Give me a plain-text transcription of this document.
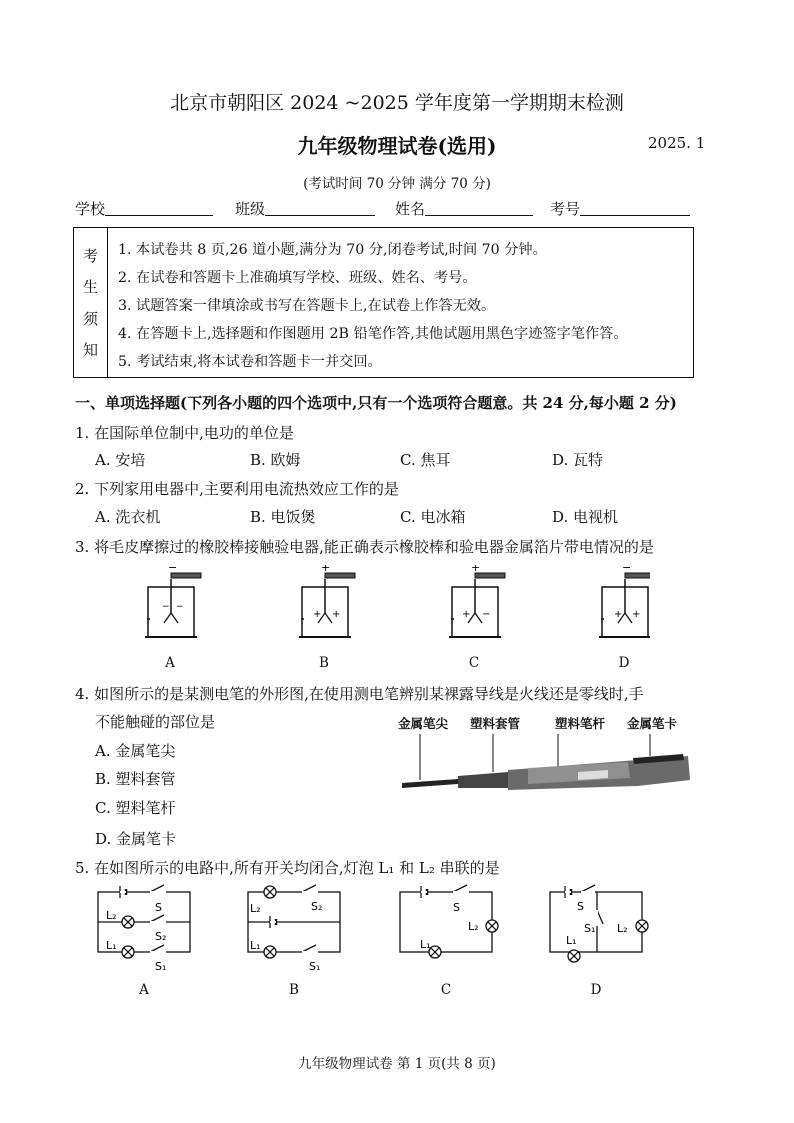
北京市朝阳区 2024 ~2025 学年度第一学期期末检测
九年级物理试卷(选用)	2025. 1
(考试时间 70 分钟 满分 70 分)
学校	班级	姓名	考号
考
生
须
知
1. 本试卷共 8 页,26 道小题,满分为 70 分,闭卷考试,时间 70 分钟。
2. 在试卷和答题卡上准确填写学校、班级、姓名、考号。
3. 试题答案一律填涂或书写在答题卡上,在试卷上作答无效。
4. 在答题卡上,选择题和作图题用 2B 铅笔作答,其他试题用黑色字迹签字笔作答。
5. 考试结束,将本试卷和答题卡一并交回。
一、单项选择题(下列各小题的四个选项中,只有一个选项符合题意。共 24 分,每小题 2 分)
1. 在国际单位制中,电功的单位是
A. 安培	B. 欧姆	C. 焦耳	D. 瓦特
2. 下列家用电器中,主要利用电流热效应工作的是
A. 洗衣机	B. 电饭煲	C. 电冰箱	D. 电视机
3. 将毛皮摩擦过的橡胶棒接触验电器,能正确表示橡胶棒和验电器金属箔片带电情况的是
−
− −
+
+ +
+
+ −
−
+ +
A	B	C	D
4. 如图所示的是某测电笔的外形图,在使用测电笔辨别某裸露导线是火线还是零线时,手
不能触碰的部位是
A. 金属笔尖
B. 塑料套管
C. 塑料笔杆
D. 金属笔卡
金属笔尖 塑料套管	塑料笔杆 金属笔卡
5. 在如图所示的电路中,所有开关均闭合,灯泡 L₁ 和 L₂ 串联的是
S
S₂
S₁
L₂
L₁
S₂
S₁
L₂
L₁
S
L₂
L₁
S
S₁ L₂
L₁
A	B	C	D
九年级物理试卷 第 1 页(共 8 页)
